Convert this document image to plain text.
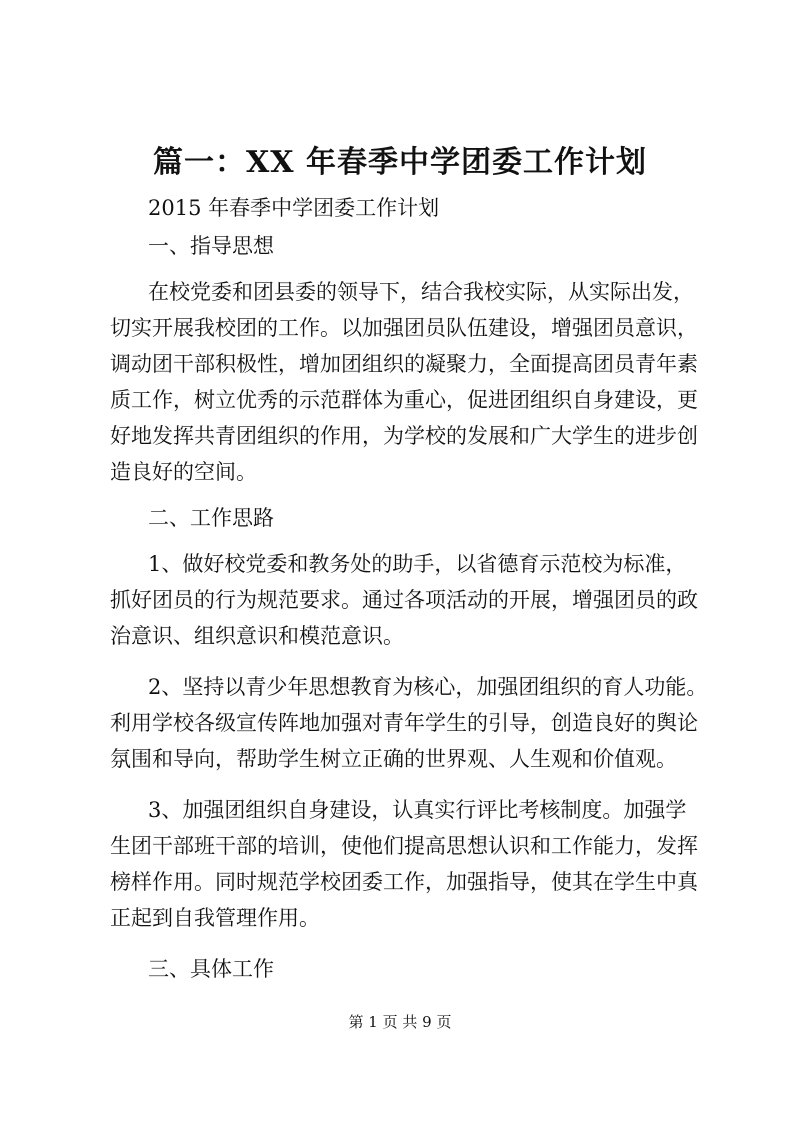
篇一：XX 年春季中学团委工作计划
2015 年春季中学团委工作计划

一、指导思想

在校党委和团县委的领导下，结合我校实际，从实际出发，

切实开展我校团的工作。以加强团员队伍建设，增强团员意识，

调动团干部积极性，增加团组织的凝聚力，全面提高团员青年素

质工作，树立优秀的示范群体为重心，促进团组织自身建设，更

好地发挥共青团组织的作用，为学校的发展和广大学生的进步创

造良好的空间。

二、工作思路

1、做好校党委和教务处的助手，以省德育示范校为标准，

抓好团员的行为规范要求。通过各项活动的开展，增强团员的政

治意识、组织意识和模范意识。

2、坚持以青少年思想教育为核心，加强团组织的育人功能。

利用学校各级宣传阵地加强对青年学生的引导，创造良好的舆论

氛围和导向，帮助学生树立正确的世界观、人生观和价值观。

3、加强团组织自身建设，认真实行评比考核制度。加强学

生团干部班干部的培训，使他们提高思想认识和工作能力，发挥

榜样作用。同时规范学校团委工作，加强指导，使其在学生中真

正起到自我管理作用。

三、具体工作

第 1 页 共 9 页
